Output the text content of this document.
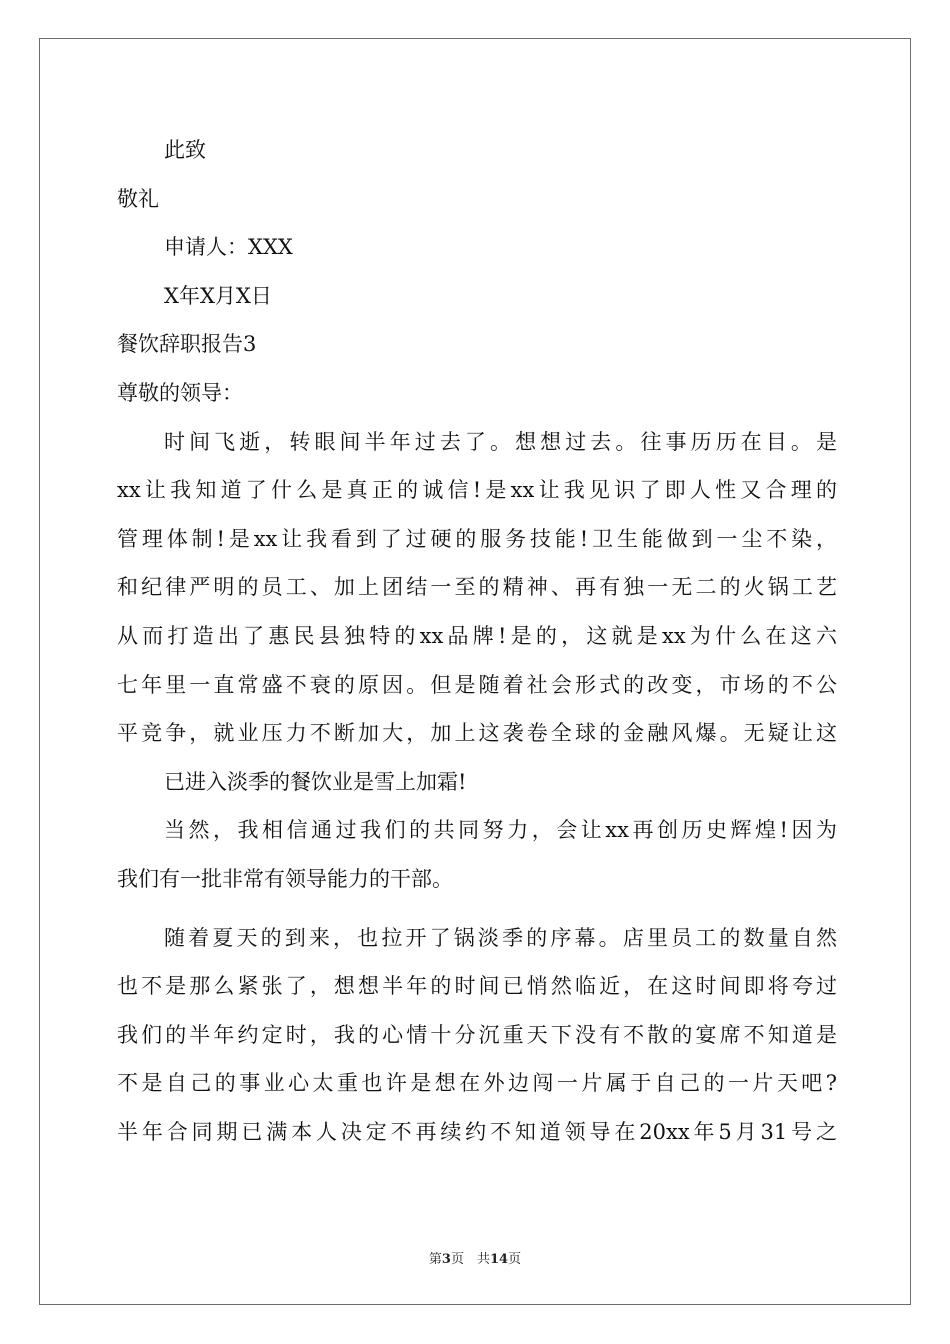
此致
敬礼
申请人：XXX
X年X月X日
餐饮辞职报告3
尊敬的领导：
时间飞逝，转眼间半年过去了。想想过去。往事历历在目。是
xx让我知道了什么是真正的诚信!是xx让我见识了即人性又合理的
管理体制!是xx让我看到了过硬的服务技能!卫生能做到一尘不染，
和纪律严明的员工、加上团结一至的精神、再有独一无二的火锅工艺
从而打造出了惠民县独特的xx品牌!是的，这就是xx为什么在这六
七年里一直常盛不衰的原因。但是随着社会形式的改变，市场的不公
平竞争，就业压力不断加大，加上这袭卷全球的金融风爆。无疑让这
已进入淡季的餐饮业是雪上加霜!
当然，我相信通过我们的共同努力，会让xx再创历史辉煌!因为
我们有一批非常有领导能力的干部。
随着夏天的到来，也拉开了锅淡季的序幕。店里员工的数量自然
也不是那么紧张了，想想半年的时间已悄然临近，在这时间即将夸过
我们的半年约定时，我的心情十分沉重天下没有不散的宴席不知道是
不是自己的事业心太重也许是想在外边闯一片属于自己的一片天吧?
半年合同期已满本人决定不再续约不知道领导在20xx年5月31号之
第3页　共14页
